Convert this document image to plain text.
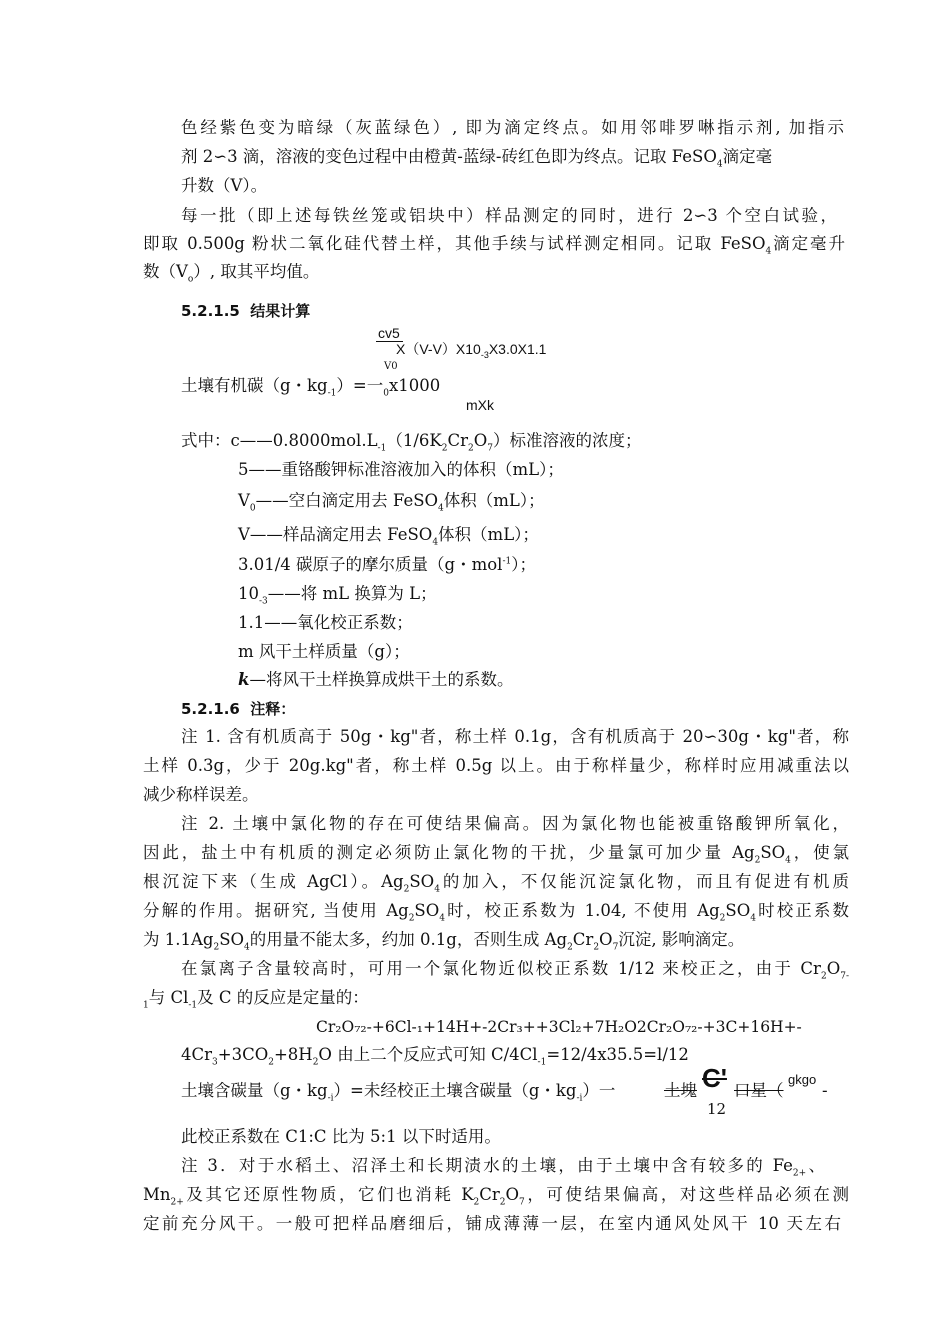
色经紫色变为暗绿（灰蓝绿色）, 即为滴定终点。如用邻啡罗啉指示剂, 加指示

剂 2∽3 滴，溶液的变色过程中由橙黄-蓝绿-砖红色即为终点。记取 FeSO$_4$滴定毫

升数（V）。

每一批（即上述每铁丝笼或铝块中）样品测定的同时，进行 2∽3 个空白试验，

即取 0.500g 粉状二氧化硅代替土样，其他手续与试样测定相同。记取 FeSO$_4$滴定毫升

数$(V_o)$, 取其平均值。

5.2.1.5 结果计算

cv5
$X(V-V)X10_{-3}X3.0X1.1$
V0
土壤有机碳（g・$kg_{-1})=$一$_0$x1000
mXk

式中：$c——0.8000mol.L_{-1}(1/6K_2Cr_2O_7)$标准溶液的浓度；

5——重铬酸钾标准溶液加入的体积（mL）；

$V_0——$空白滴定用去 FeSO$_4$体积（mL）；

V——样品滴定用去 FeSO$_4$体积（mL）；

3.01/4 碳原子的摩尔质量（g・mol$^{-1}$）；

$10_{-3}——$将 mL 换算为 L；

1.1——氧化校正系数；

m 风干土样质量（g）；

k—将风干土样换算成烘干土的系数。

5.2.1.6 注释：

注 1. 含有机质高于 50g・kg"者，称土样 0.1g，含有机质高于 20∽30g・kg"者，称

土样 0.3g，少于 20g.kg"者，称土样 0.5g 以上。由于称样量少，称样时应用减重法以

减少称样误差。

注 2. 土壤中氯化物的存在可使结果偏高。因为氯化物也能被重铬酸钾所氧化，

因此，盐土中有机质的测定必须防止氯化物的干扰，少量氯可加少量 $Ag_2SO_4$，使氯

根沉淀下来（生成 AgCl）。$Ag_2SO_4$的加入，不仅能沉淀氯化物，而且有促进有机质

分解的作用。据研究, 当使用 $Ag_2SO_4$时，校正系数为 1.04, 不使用 $Ag_2SO_4$时校正系数

为 $1.1Ag_2SO_4$的用量不能太多，约加 0.1g，否则生成 $Ag_2Cr_2O_7$沉淀, 影响滴定。

在氯离子含量较高时，可用一个氯化物近似校正系数 1/12 来校正之，由于 $Cr_2O_{7-}$

$_1$与 $Cl_{-1}$及 C 的反应是定量的：

Cr₂O₇₂-+6Cl-₁+14H+-2Cr₃++3Cl₂+7H₂O2Cr₂O₇₂-+3C+16H+-

$4Cr_3+3CO_2+8H_2O$ 由上二个反应式可知 $C/4Cl_{-1}=12/4x35.5=l/12$

土壤含碳量（g・$kg_{-i})=$未经校正土壤含碳量（g・$kg_{-i}$）一	土塊 C' 口星（
gkgo
-
12

此校正系数在 C1:C 比为 5:1 以下时适用。

注 3．对于水稻土、沼泽土和长期渍水的土壤，由于土壤中含有较多的 $Fe_{2+}$、

$Mn_{2+}$及其它还原性物质，它们也消耗 $K_2Cr_2O_7$，可使结果偏高，对这些样品必须在测

定前充分风干。一般可把样品磨细后，铺成薄薄一层，在室内通风处风干 10 天左右
